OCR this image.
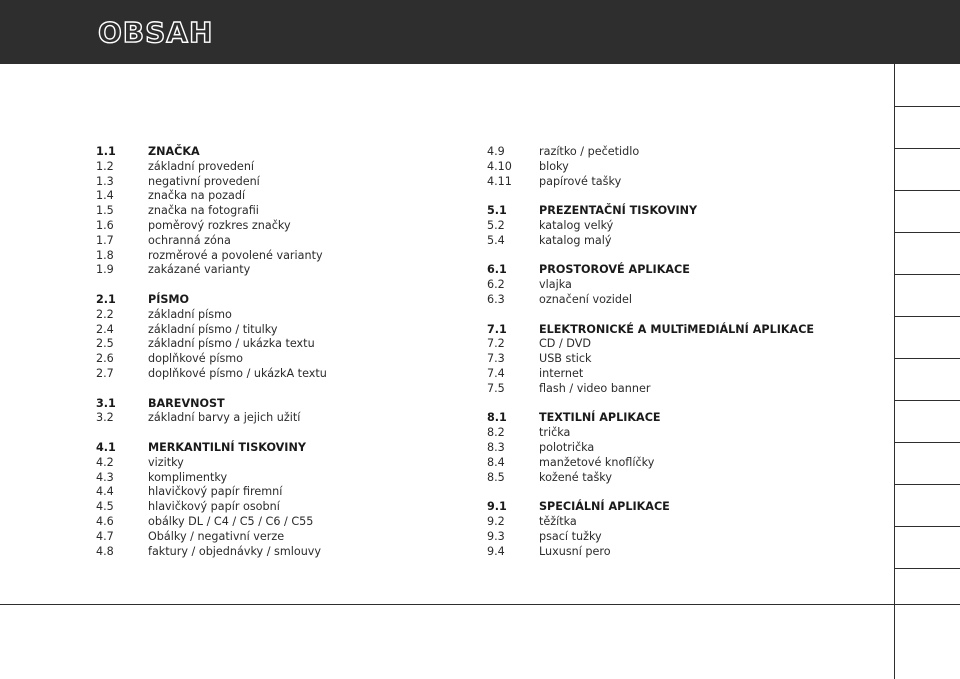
OBSAH
1.1	ZNAČKA
1.2	základní provedení
1.3	negativní provedení
1.4	značka na pozadí
1.5	značka na fotografii
1.6	poměrový rozkres značky
1.7	ochranná zóna
1.8	rozměrové a povolené varianty
1.9	zakázané varianty
2.1	PÍSMO
2.2	základní písmo
2.4	základní písmo / titulky
2.5	základní písmo / ukázka textu
2.6	doplňkové písmo
2.7	doplňkové písmo / ukázkA textu
3.1	BAREVNOST
3.2	základní barvy a jejich užití
4.1	MERKANTILNÍ TISKOVINY
4.2	vizitky
4.3	komplimentky
4.4	hlavičkový papír firemní
4.5	hlavičkový papír osobní
4.6	obálky DL / C4 / C5 / C6 / C55
4.7	Obálky / negativní verze
4.8	faktury / objednávky / smlouvy
4.9	razítko / pečetidlo
4.10 bloky
4.11 papírové tašky
5.1	PREZENTAČNÍ TISKOVINY
5.2	katalog velký
5.4	katalog malý
6.1	PROSTOROVÉ APLIKACE
6.2	vlajka
6.3	označení vozidel
7.1	ELEKTRONICKÉ A MULTiMEDIÁLNÍ APLIKACE
7.2	CD / DVD
7.3	USB stick
7.4	internet
7.5	flash / video banner
8.1	TEXTILNÍ APLIKACE
8.2	trička
8.3	polotrička
8.4	manžetové knoflíčky
8.5	kožené tašky
9.1	SPECIÁLNÍ APLIKACE
9.2	těžítka
9.3	psací tužky
9.4	Luxusní pero
